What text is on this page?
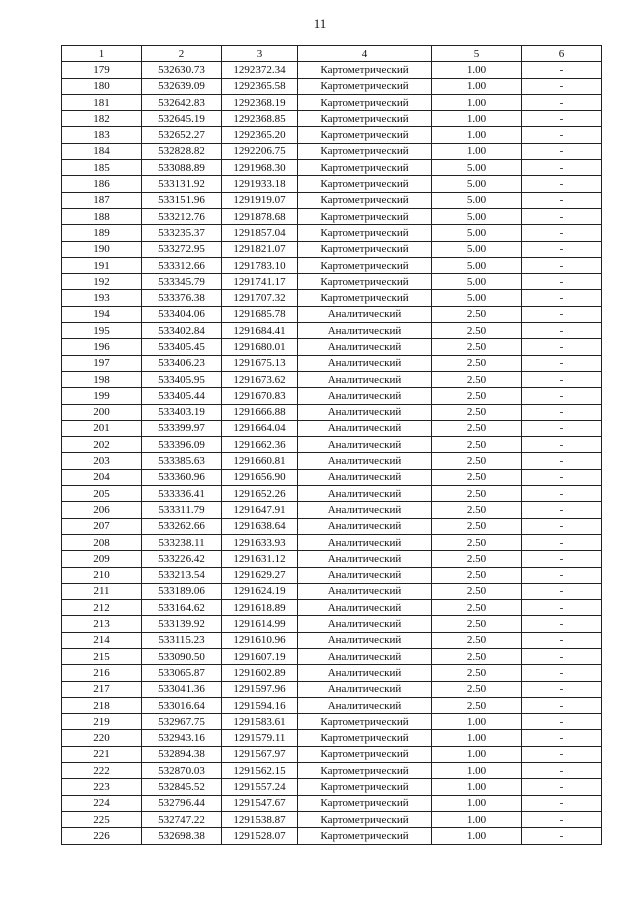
11
1	2	3	4	5	6
179	532630.73	1292372.34	Картометрический	1.00	-
180	532639.09	1292365.58	Картометрический	1.00	-
181	532642.83	1292368.19	Картометрический	1.00	-
182	532645.19	1292368.85	Картометрический	1.00	-
183	532652.27	1292365.20	Картометрический	1.00	-
184	532828.82	1292206.75	Картометрический	1.00	-
185	533088.89	1291968.30	Картометрический	5.00	-
186	533131.92	1291933.18	Картометрический	5.00	-
187	533151.96	1291919.07	Картометрический	5.00	-
188	533212.76	1291878.68	Картометрический	5.00	-
189	533235.37	1291857.04	Картометрический	5.00	-
190	533272.95	1291821.07	Картометрический	5.00	-
191	533312.66	1291783.10	Картометрический	5.00	-
192	533345.79	1291741.17	Картометрический	5.00	-
193	533376.38	1291707.32	Картометрический	5.00	-
194	533404.06	1291685.78	Аналитический	2.50	-
195	533402.84	1291684.41	Аналитический	2.50	-
196	533405.45	1291680.01	Аналитический	2.50	-
197	533406.23	1291675.13	Аналитический	2.50	-
198	533405.95	1291673.62	Аналитический	2.50	-
199	533405.44	1291670.83	Аналитический	2.50	-
200	533403.19	1291666.88	Аналитический	2.50	-
201	533399.97	1291664.04	Аналитический	2.50	-
202	533396.09	1291662.36	Аналитический	2.50	-
203	533385.63	1291660.81	Аналитический	2.50	-
204	533360.96	1291656.90	Аналитический	2.50	-
205	533336.41	1291652.26	Аналитический	2.50	-
206	533311.79	1291647.91	Аналитический	2.50	-
207	533262.66	1291638.64	Аналитический	2.50	-
208	533238.11	1291633.93	Аналитический	2.50	-
209	533226.42	1291631.12	Аналитический	2.50	-
210	533213.54	1291629.27	Аналитический	2.50	-
211	533189.06	1291624.19	Аналитический	2.50	-
212	533164.62	1291618.89	Аналитический	2.50	-
213	533139.92	1291614.99	Аналитический	2.50	-
214	533115.23	1291610.96	Аналитический	2.50	-
215	533090.50	1291607.19	Аналитический	2.50	-
216	533065.87	1291602.89	Аналитический	2.50	-
217	533041.36	1291597.96	Аналитический	2.50	-
218	533016.64	1291594.16	Аналитический	2.50	-
219	532967.75	1291583.61	Картометрический	1.00	-
220	532943.16	1291579.11	Картометрический	1.00	-
221	532894.38	1291567.97	Картометрический	1.00	-
222	532870.03	1291562.15	Картометрический	1.00	-
223	532845.52	1291557.24	Картометрический	1.00	-
224	532796.44	1291547.67	Картометрический	1.00	-
225	532747.22	1291538.87	Картометрический	1.00	-
226	532698.38	1291528.07	Картометрический	1.00	-
